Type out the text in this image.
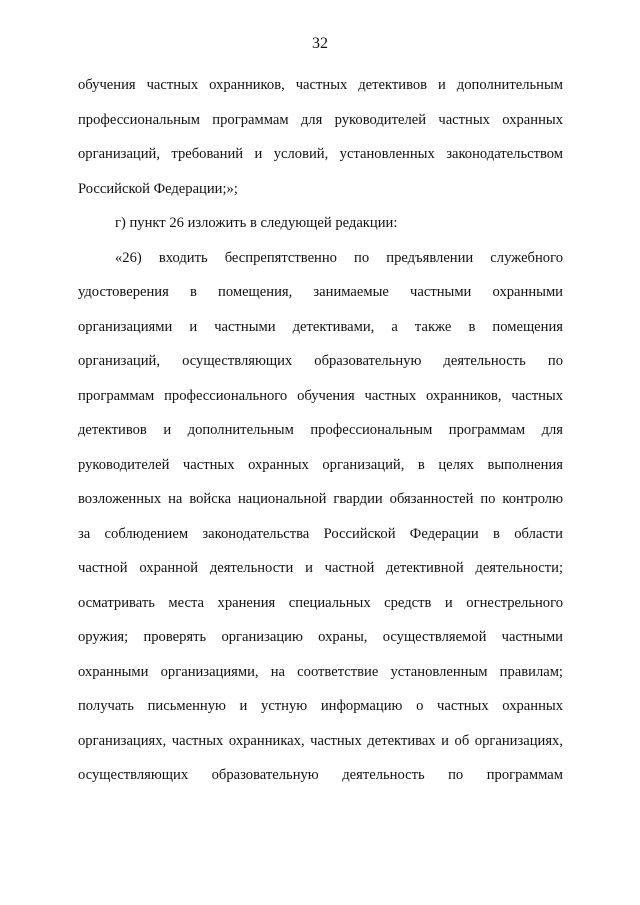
32
обучения частных охранников, частных детективов и дополнительным
профессиональным программам для руководителей частных охранных
организаций, требований и условий, установленных законодательством
Российской Федерации;»;
г) пункт 26 изложить в следующей редакции:
«26) входить беспрепятственно по предъявлении служебного
удостоверения в помещения, занимаемые частными охранными
организациями и частными детективами, а также в помещения
организаций, осуществляющих образовательную деятельность по
программам профессионального обучения частных охранников, частных
детективов и дополнительным профессиональным программам для
руководителей частных охранных организаций, в целях выполнения
возложенных на войска национальной гвардии обязанностей по контролю
за соблюдением законодательства Российской Федерации в области
частной охранной деятельности и частной детективной деятельности;
осматривать места хранения специальных средств и огнестрельного
оружия; проверять организацию охраны, осуществляемой частными
охранными организациями, на соответствие установленным правилам;
получать письменную и устную информацию о частных охранных
организациях, частных охранниках, частных детективах и об организациях,
осуществляющих образовательную деятельность по программам
